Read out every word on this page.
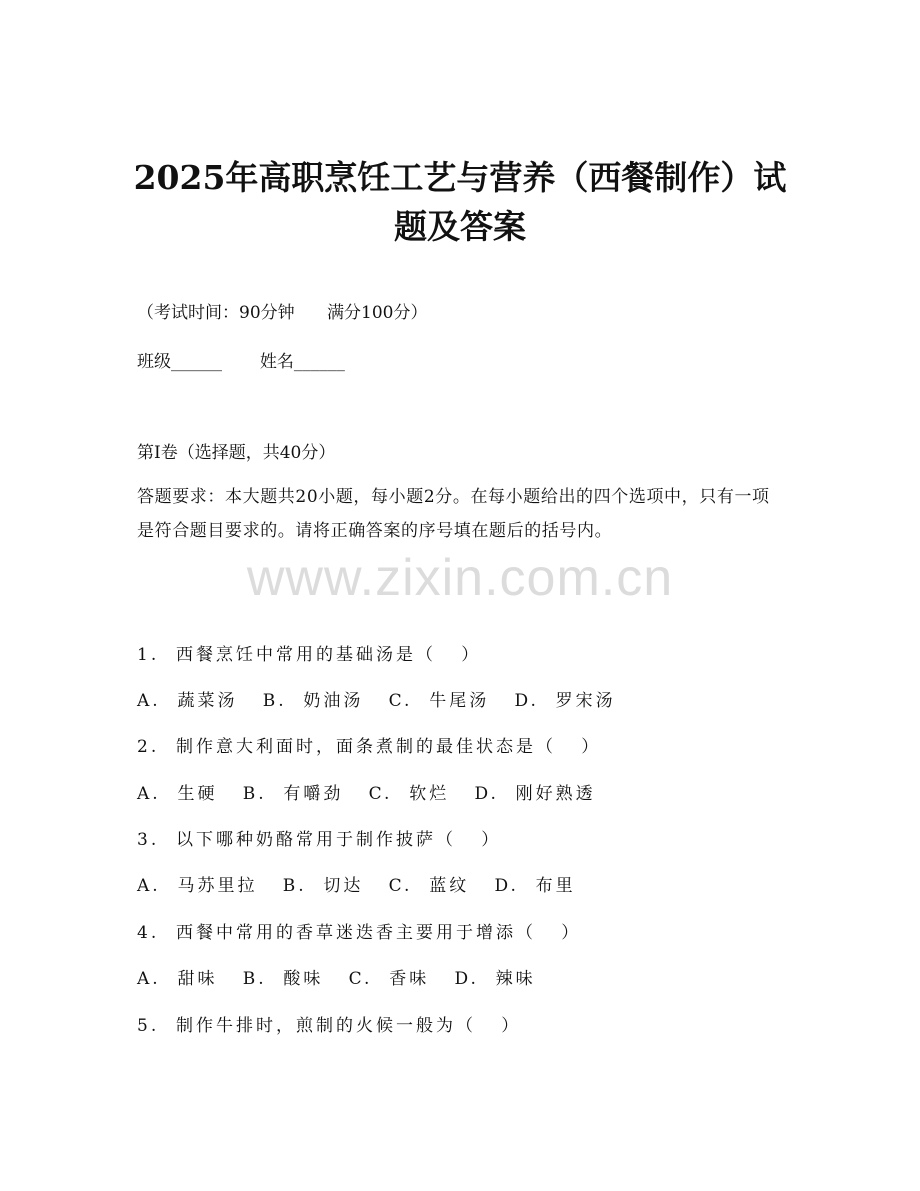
2025年高职烹饪工艺与营养（西餐制作）试
题及答案
（考试时间：90分钟      满分100分）
班级______       姓名______
第Ⅰ卷（选择题，共40分）
答题要求：本大题共20小题，每小题2分。在每小题给出的四个选项中，只有一项是符合题目要求的。请将正确答案的序号填在题后的括号内。
www.zixin.com.cn
1.  西餐烹饪中常用的基础汤是（   ）
A.  蔬菜汤   B.  奶油汤   C.  牛尾汤   D.  罗宋汤
2.  制作意大利面时，面条煮制的最佳状态是（   ）
A.  生硬   B.  有嚼劲   C.  软烂   D.  刚好熟透
3.  以下哪种奶酪常用于制作披萨（   ）
A.  马苏里拉   B.  切达   C.  蓝纹   D.  布里
4.  西餐中常用的香草迷迭香主要用于增添（   ）
A.  甜味   B.  酸味   C.  香味   D.  辣味
5.  制作牛排时，煎制的火候一般为（   ）
